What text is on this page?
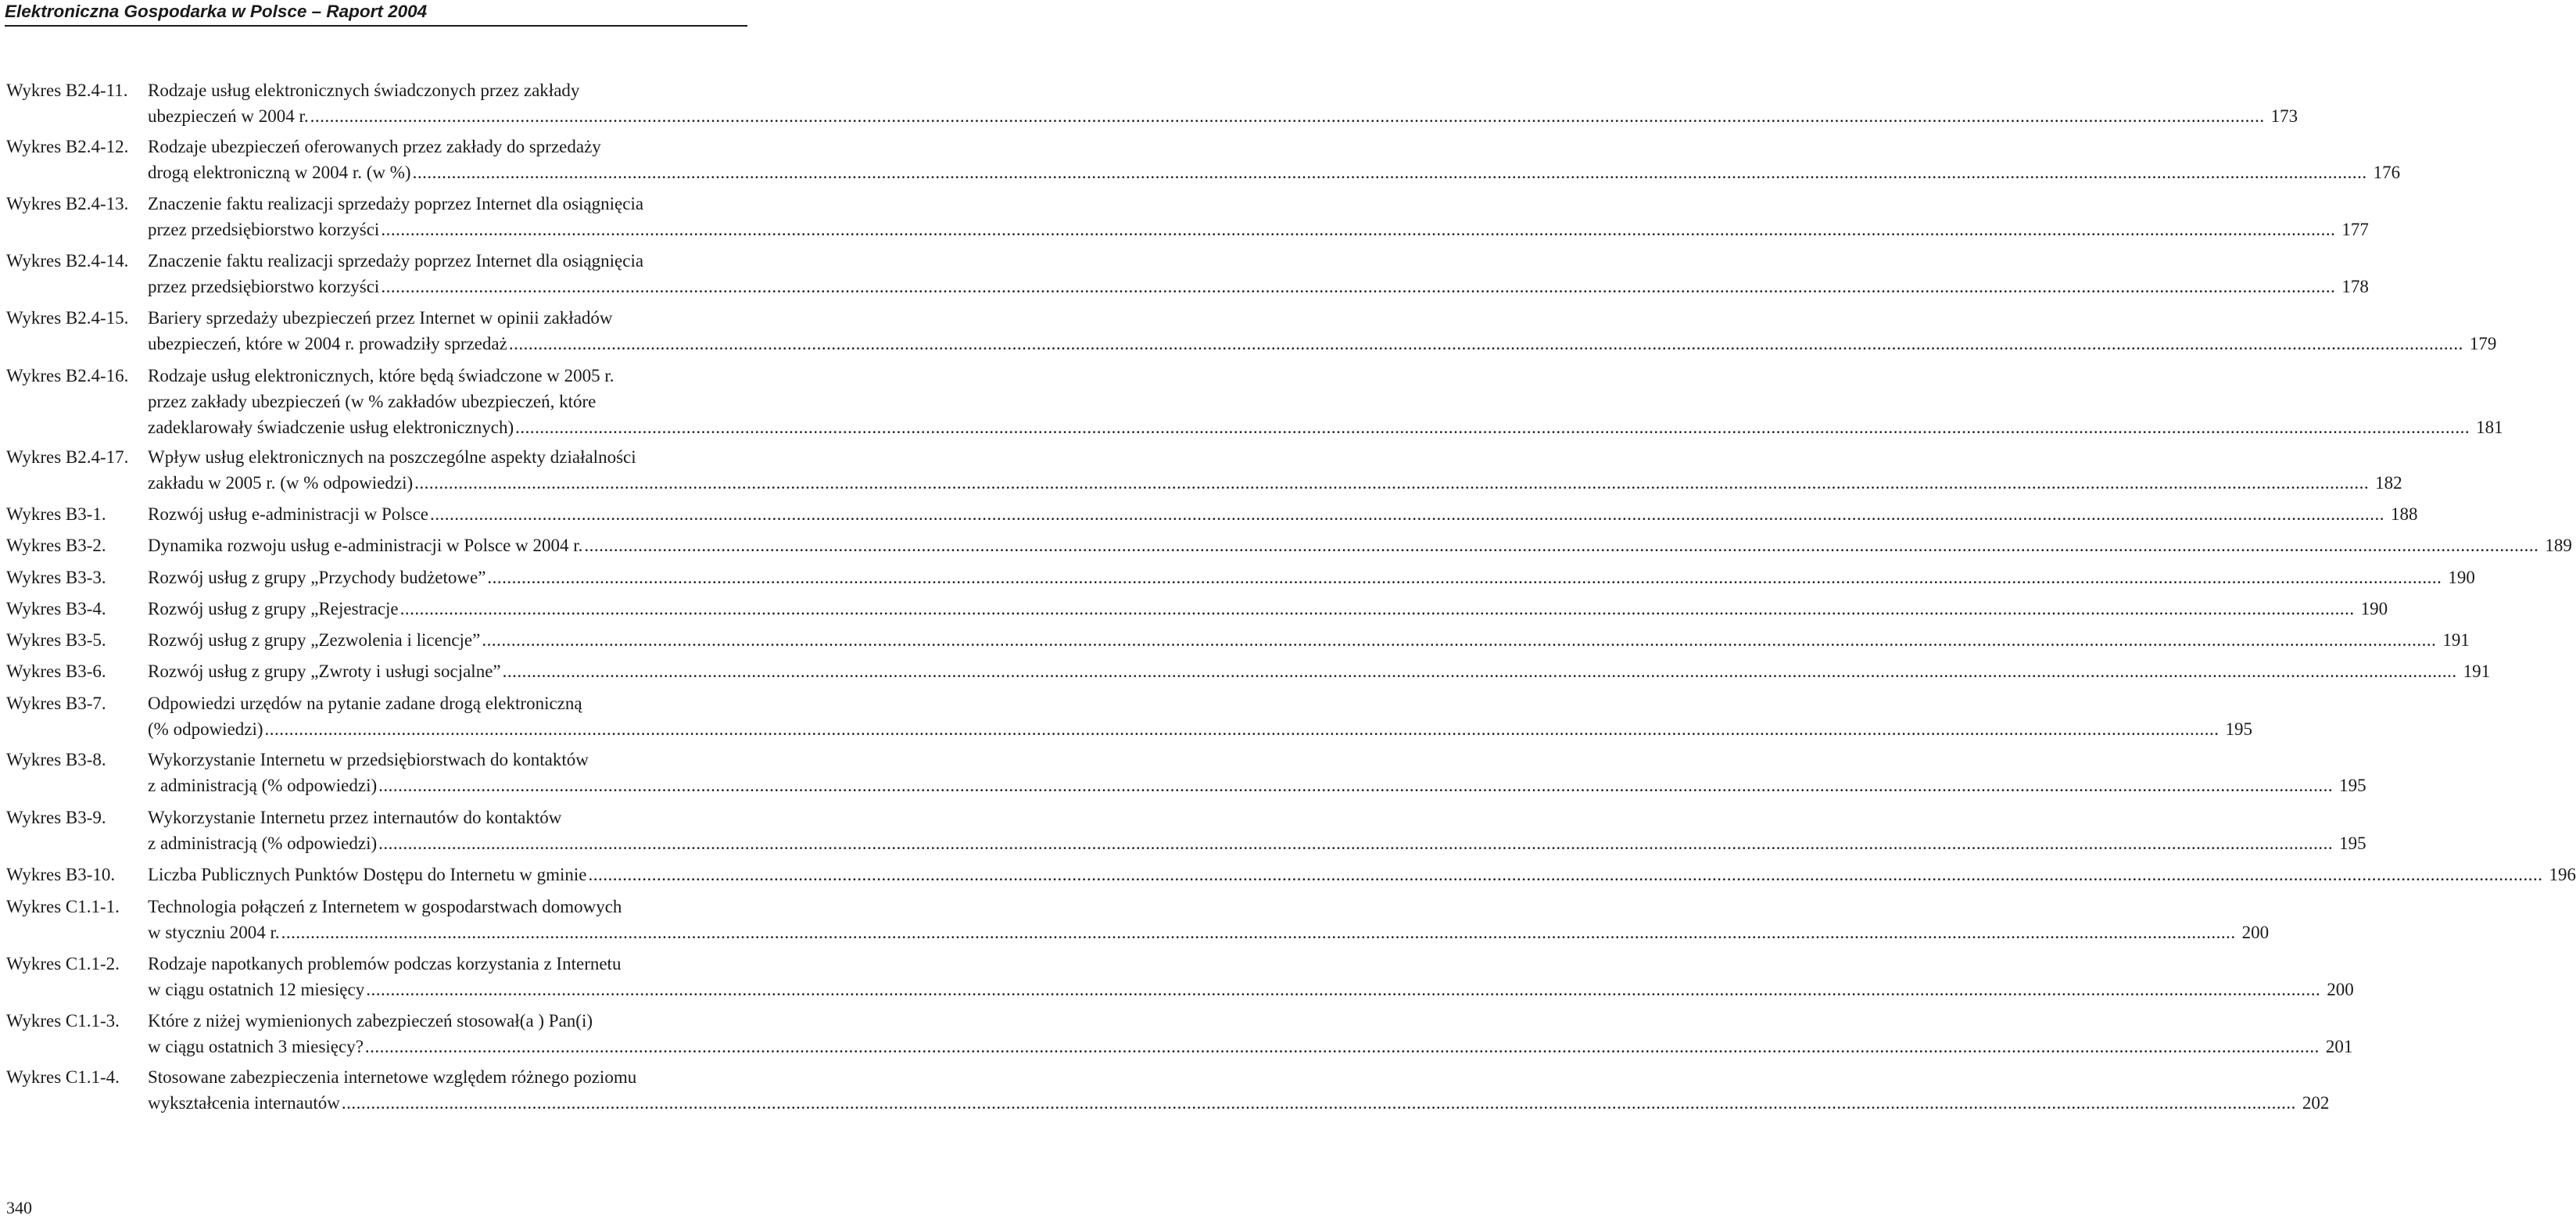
Elektroniczna Gospodarka w Polsce – Raport 2004
Wykres B2.4-11. Rodzaje usług elektronicznych świadczonych przez zakłady
ubezpieczeń w 2004 r. ................................................................................................................................................................................................................................................................................................................................................................................................................ 173
Wykres B2.4-12. Rodzaje ubezpieczeń oferowanych przez zakłady do sprzedaży
drogą elektroniczną w 2004 r. (w %) ................................................................................................................................................................................................................................................................................................................................................................................................................ 176
Wykres B2.4-13. Znaczenie faktu realizacji sprzedaży poprzez Internet dla osiągnięcia
przez przedsiębiorstwo korzyści ................................................................................................................................................................................................................................................................................................................................................................................................................ 177
Wykres B2.4-14. Znaczenie faktu realizacji sprzedaży poprzez Internet dla osiągnięcia
przez przedsiębiorstwo korzyści ................................................................................................................................................................................................................................................................................................................................................................................................................ 178
Wykres B2.4-15. Bariery sprzedaży ubezpieczeń przez Internet w opinii zakładów
ubezpieczeń, które w 2004 r. prowadziły sprzedaż ................................................................................................................................................................................................................................................................................................................................................................................................................ 179
Wykres B2.4-16. Rodzaje usług elektronicznych, które będą świadczone w 2005 r.
przez zakłady ubezpieczeń (w % zakładów ubezpieczeń, które
zadeklarowały świadczenie usług elektronicznych) ................................................................................................................................................................................................................................................................................................................................................................................................................ 181
Wykres B2.4-17. Wpływ usług elektronicznych na poszczególne aspekty działalności
zakładu w 2005 r. (w % odpowiedzi) ................................................................................................................................................................................................................................................................................................................................................................................................................ 182
Wykres B3-1. Rozwój usług e-administracji w Polsce ................................................................................................................................................................................................................................................................................................................................................................................................................ 188
Wykres B3-2. Dynamika rozwoju usług e-administracji w Polsce w 2004 r. ................................................................................................................................................................................................................................................................................................................................................................................................................ 189
Wykres B3-3. Rozwój usług z grupy „Przychody budżetowe” ................................................................................................................................................................................................................................................................................................................................................................................................................ 190
Wykres B3-4. Rozwój usług z grupy „Rejestracje ................................................................................................................................................................................................................................................................................................................................................................................................................ 190
Wykres B3-5. Rozwój usług z grupy „Zezwolenia i licencje” ................................................................................................................................................................................................................................................................................................................................................................................................................ 191
Wykres B3-6. Rozwój usług z grupy „Zwroty i usługi socjalne” ................................................................................................................................................................................................................................................................................................................................................................................................................ 191
Wykres B3-7. Odpowiedzi urzędów na pytanie zadane drogą elektroniczną
(% odpowiedzi) ................................................................................................................................................................................................................................................................................................................................................................................................................ 195
Wykres B3-8. Wykorzystanie Internetu w przedsiębiorstwach do kontaktów
z administracją (% odpowiedzi) ................................................................................................................................................................................................................................................................................................................................................................................................................ 195
Wykres B3-9. Wykorzystanie Internetu przez internautów do kontaktów
z administracją (% odpowiedzi) ................................................................................................................................................................................................................................................................................................................................................................................................................ 195
Wykres B3-10. Liczba Publicznych Punktów Dostępu do Internetu w gminie ................................................................................................................................................................................................................................................................................................................................................................................................................ 196
Wykres C1.1-1. Technologia połączeń z Internetem w gospodarstwach domowych
w styczniu 2004 r. ................................................................................................................................................................................................................................................................................................................................................................................................................ 200
Wykres C1.1-2. Rodzaje napotkanych problemów podczas korzystania z Internetu
w ciągu ostatnich 12 miesięcy ................................................................................................................................................................................................................................................................................................................................................................................................................ 200
Wykres C1.1-3. Które z niżej wymienionych zabezpieczeń stosował(a ) Pan(i)
w ciągu ostatnich 3 miesięcy? ................................................................................................................................................................................................................................................................................................................................................................................................................ 201
Wykres C1.1-4. Stosowane zabezpieczenia internetowe względem różnego poziomu
wykształcenia internautów ................................................................................................................................................................................................................................................................................................................................................................................................................ 202
340
